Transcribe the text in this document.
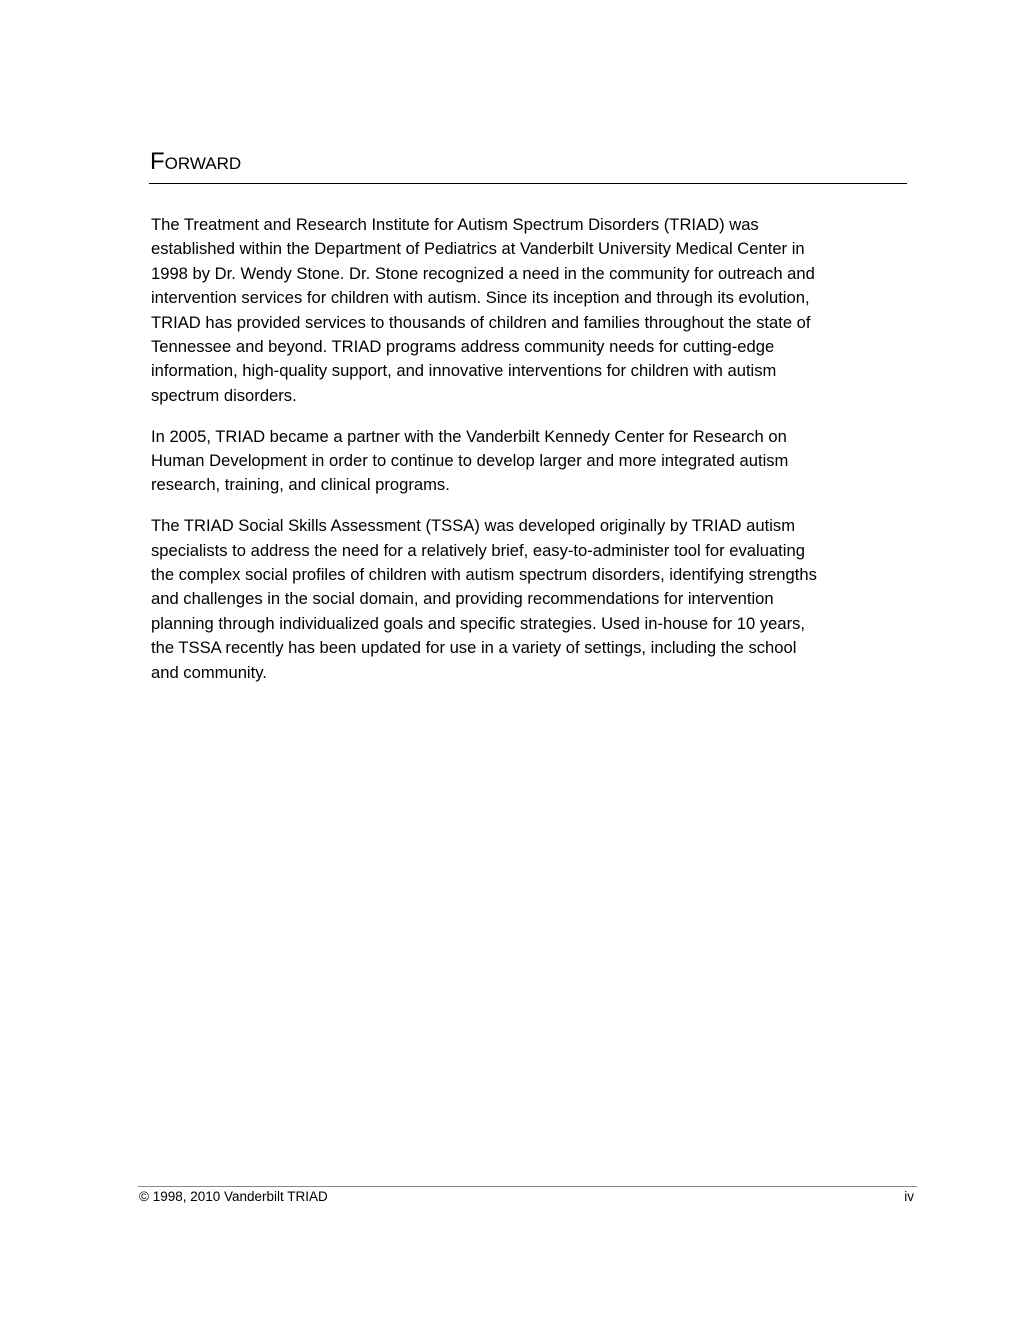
Forward

The Treatment and Research Institute for Autism Spectrum Disorders (TRIAD) was
established within the Department of Pediatrics at Vanderbilt University Medical Center in
1998 by Dr. Wendy Stone. Dr. Stone recognized a need in the community for outreach and
intervention services for children with autism. Since its inception and through its evolution,
TRIAD has provided services to thousands of children and families throughout the state of
Tennessee and beyond. TRIAD programs address community needs for cutting-edge
information, high-quality support, and innovative interventions for children with autism
spectrum disorders.

In 2005, TRIAD became a partner with the Vanderbilt Kennedy Center for Research on
Human Development in order to continue to develop larger and more integrated autism
research, training, and clinical programs.

The TRIAD Social Skills Assessment (TSSA) was developed originally by TRIAD autism
specialists to address the need for a relatively brief, easy-to-administer tool for evaluating
the complex social profiles of children with autism spectrum disorders, identifying strengths
and challenges in the social domain, and providing recommendations for intervention
planning through individualized goals and specific strategies. Used in-house for 10 years,
the TSSA recently has been updated for use in a variety of settings, including the school
and community.

© 1998, 2010 Vanderbilt TRIAD	iv
